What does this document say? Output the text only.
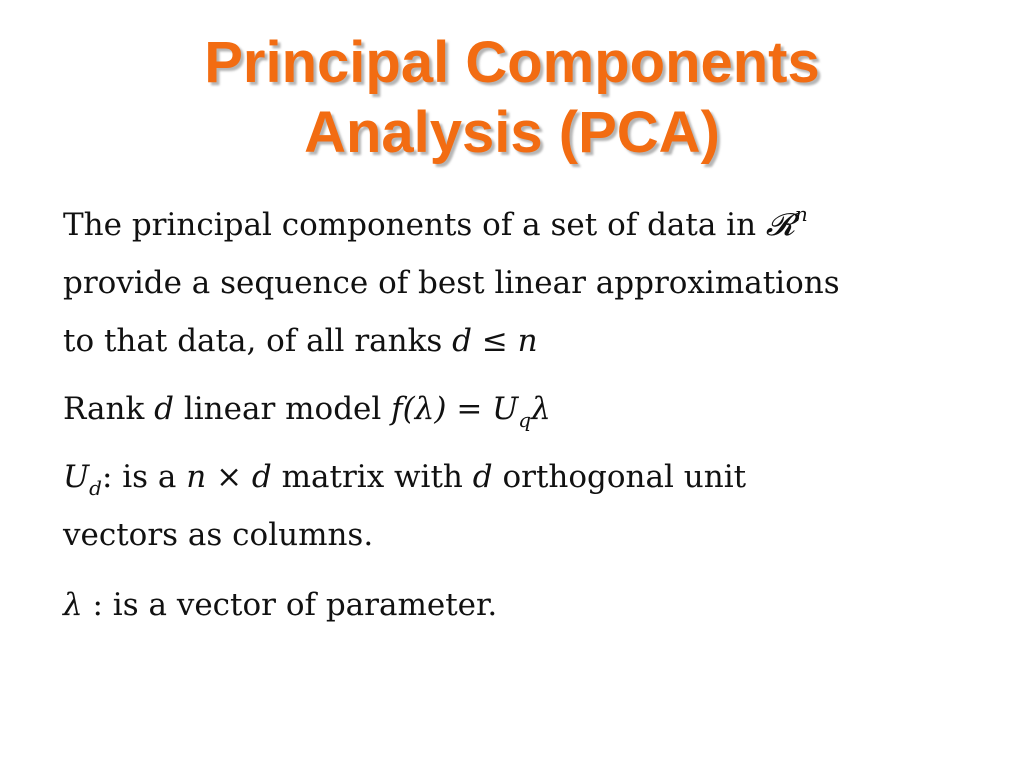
Principal Components
Analysis (PCA)
The principal components of a set of data in 𝓡$^n$
provide a sequence of best linear approximations
to that data, of all ranks d ≤ n
Rank d linear model $f(\lambda) = U_q\lambda$
$U_d$: is a n × d matrix with d orthogonal unit
vectors as columns.
λ : is a vector of parameter.
